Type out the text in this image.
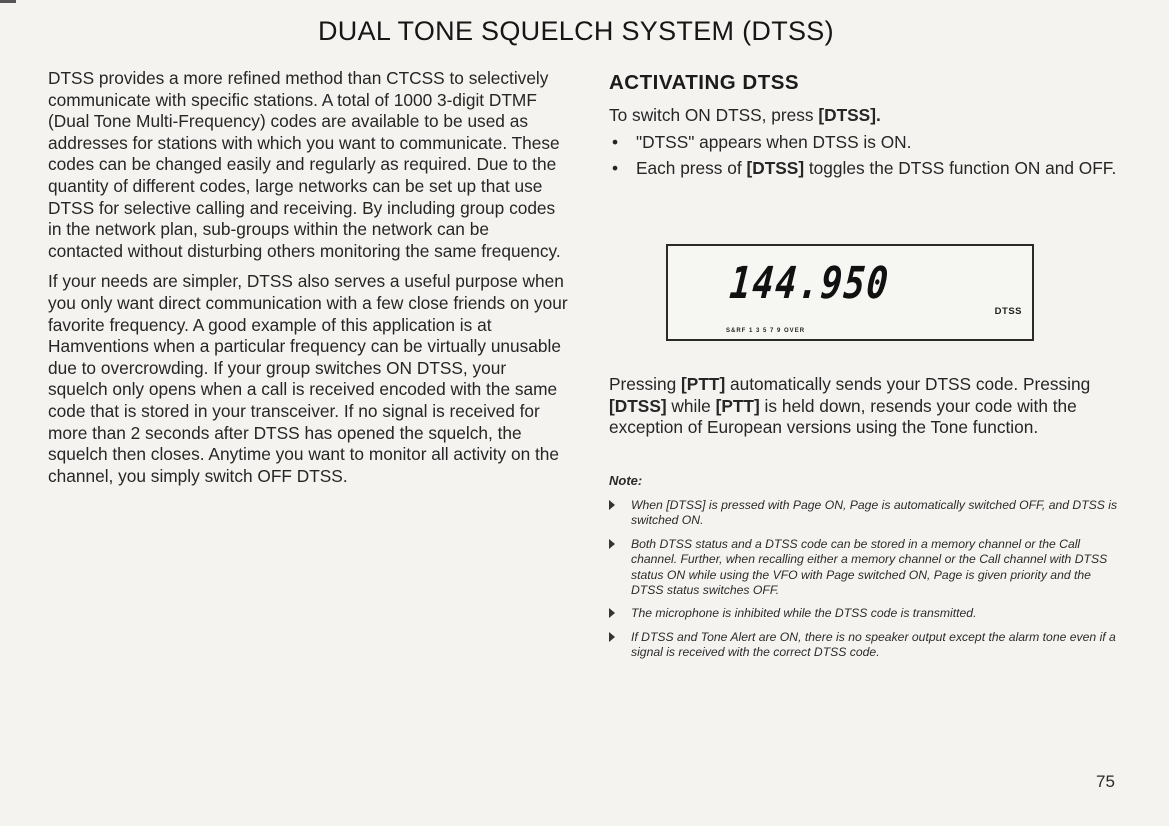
DUAL TONE SQUELCH SYSTEM (DTSS)

DTSS provides a more refined method than CTCSS to selectively communicate with specific stations. A total of 1000 3-digit DTMF (Dual Tone Multi-Frequency) codes are available to be used as addresses for stations with which you want to communicate. These codes can be changed easily and regularly as required. Due to the quantity of different codes, large networks can be set up that use DTSS for selective calling and receiving. By including group codes in the network plan, sub-groups within the network can be contacted without disturbing others monitoring the same frequency.

If your needs are simpler, DTSS also serves a useful purpose when you only want direct communication with a few close friends on your favorite frequency. A good example of this application is at Hamventions when a particular frequency can be virtually unusable due to overcrowding. If your group switches ON DTSS, your squelch only opens when a call is received encoded with the same code that is stored in your transceiver. If no signal is received for more than 2 seconds after DTSS has opened the squelch, the squelch then closes. Anytime you want to monitor all activity on the channel, you simply switch OFF DTSS.

ACTIVATING DTSS

To switch ON DTSS, press [DTSS].

• "DTSS" appears when DTSS is ON.
• Each press of [DTSS] toggles the DTSS function ON and OFF.
144.950
DTSS
S&RF 1 3 5 7 9 OVER

Pressing [PTT] automatically sends your DTSS code. Pressing [DTSS] while [PTT] is held down, resends your code with the exception of European versions using the Tone function.

Note:
When [DTSS] is pressed with Page ON, Page is automatically switched OFF, and DTSS is switched ON.
Both DTSS status and a DTSS code can be stored in a memory channel or the Call channel. Further, when recalling either a memory channel or the Call channel with DTSS status ON while using the VFO with Page switched ON, Page is given priority and the DTSS status switches OFF.
The microphone is inhibited while the DTSS code is transmitted.
If DTSS and Tone Alert are ON, there is no speaker output except the alarm tone even if a signal is received with the correct DTSS code.
75
